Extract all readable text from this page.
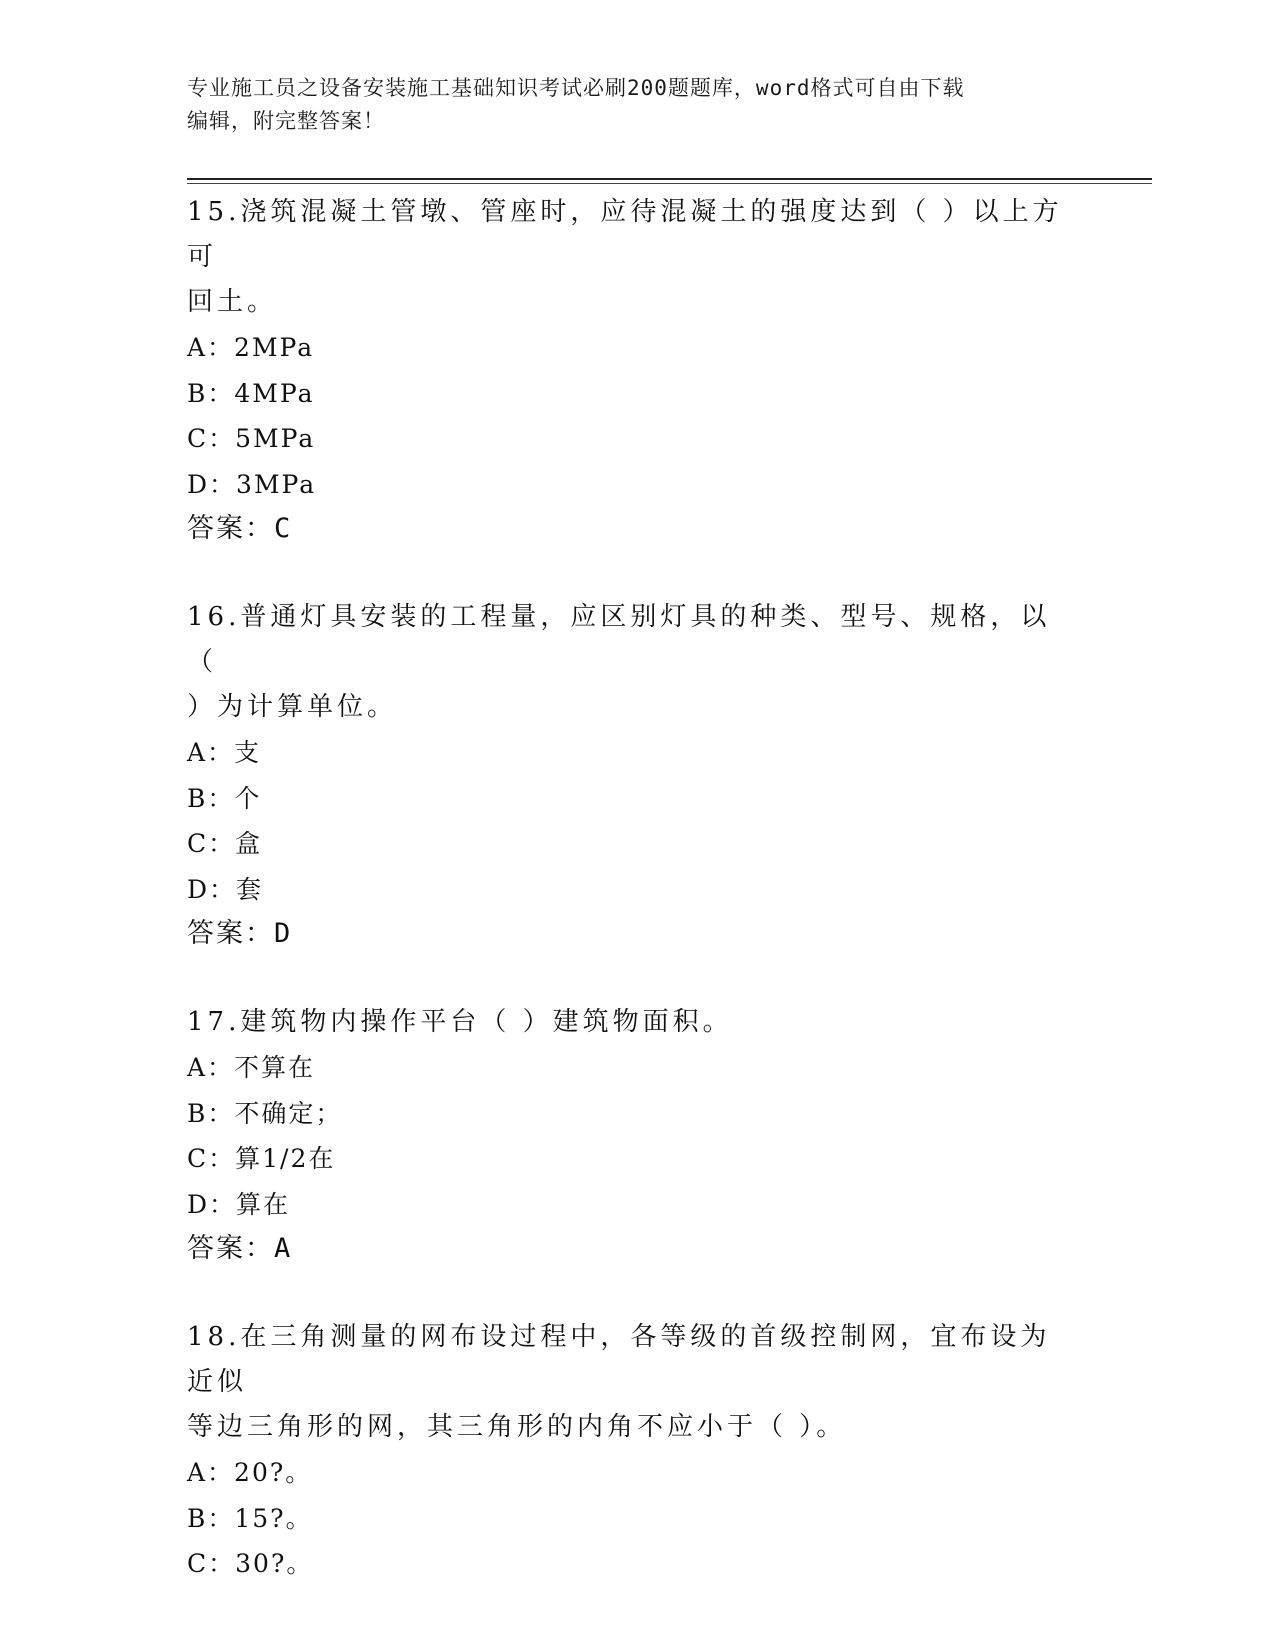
专业施工员之设备安装施工基础知识考试必刷200题题库，word格式可自由下载
编辑，附完整答案！

15.浇筑混凝土管墩、管座时，应待混凝土的强度达到（ ）以上方可

回土。

A：2MPa
B：4MPa
C：5MPa
D：3MPa

答案：C

16.普通灯具安装的工程量，应区别灯具的种类、型号、规格，以（

）为计算单位。

A：支
B：个
C：盒
D：套

答案：D

17.建筑物内操作平台（ ）建筑物面积。

A：不算在
B：不确定；
C：算1/2在
D：算在

答案：A

18.在三角测量的网布设过程中，各等级的首级控制网，宜布设为近似

等边三角形的网，其三角形的内角不应小于（ ）。

A：20?。
B：15?。
C：30?。
